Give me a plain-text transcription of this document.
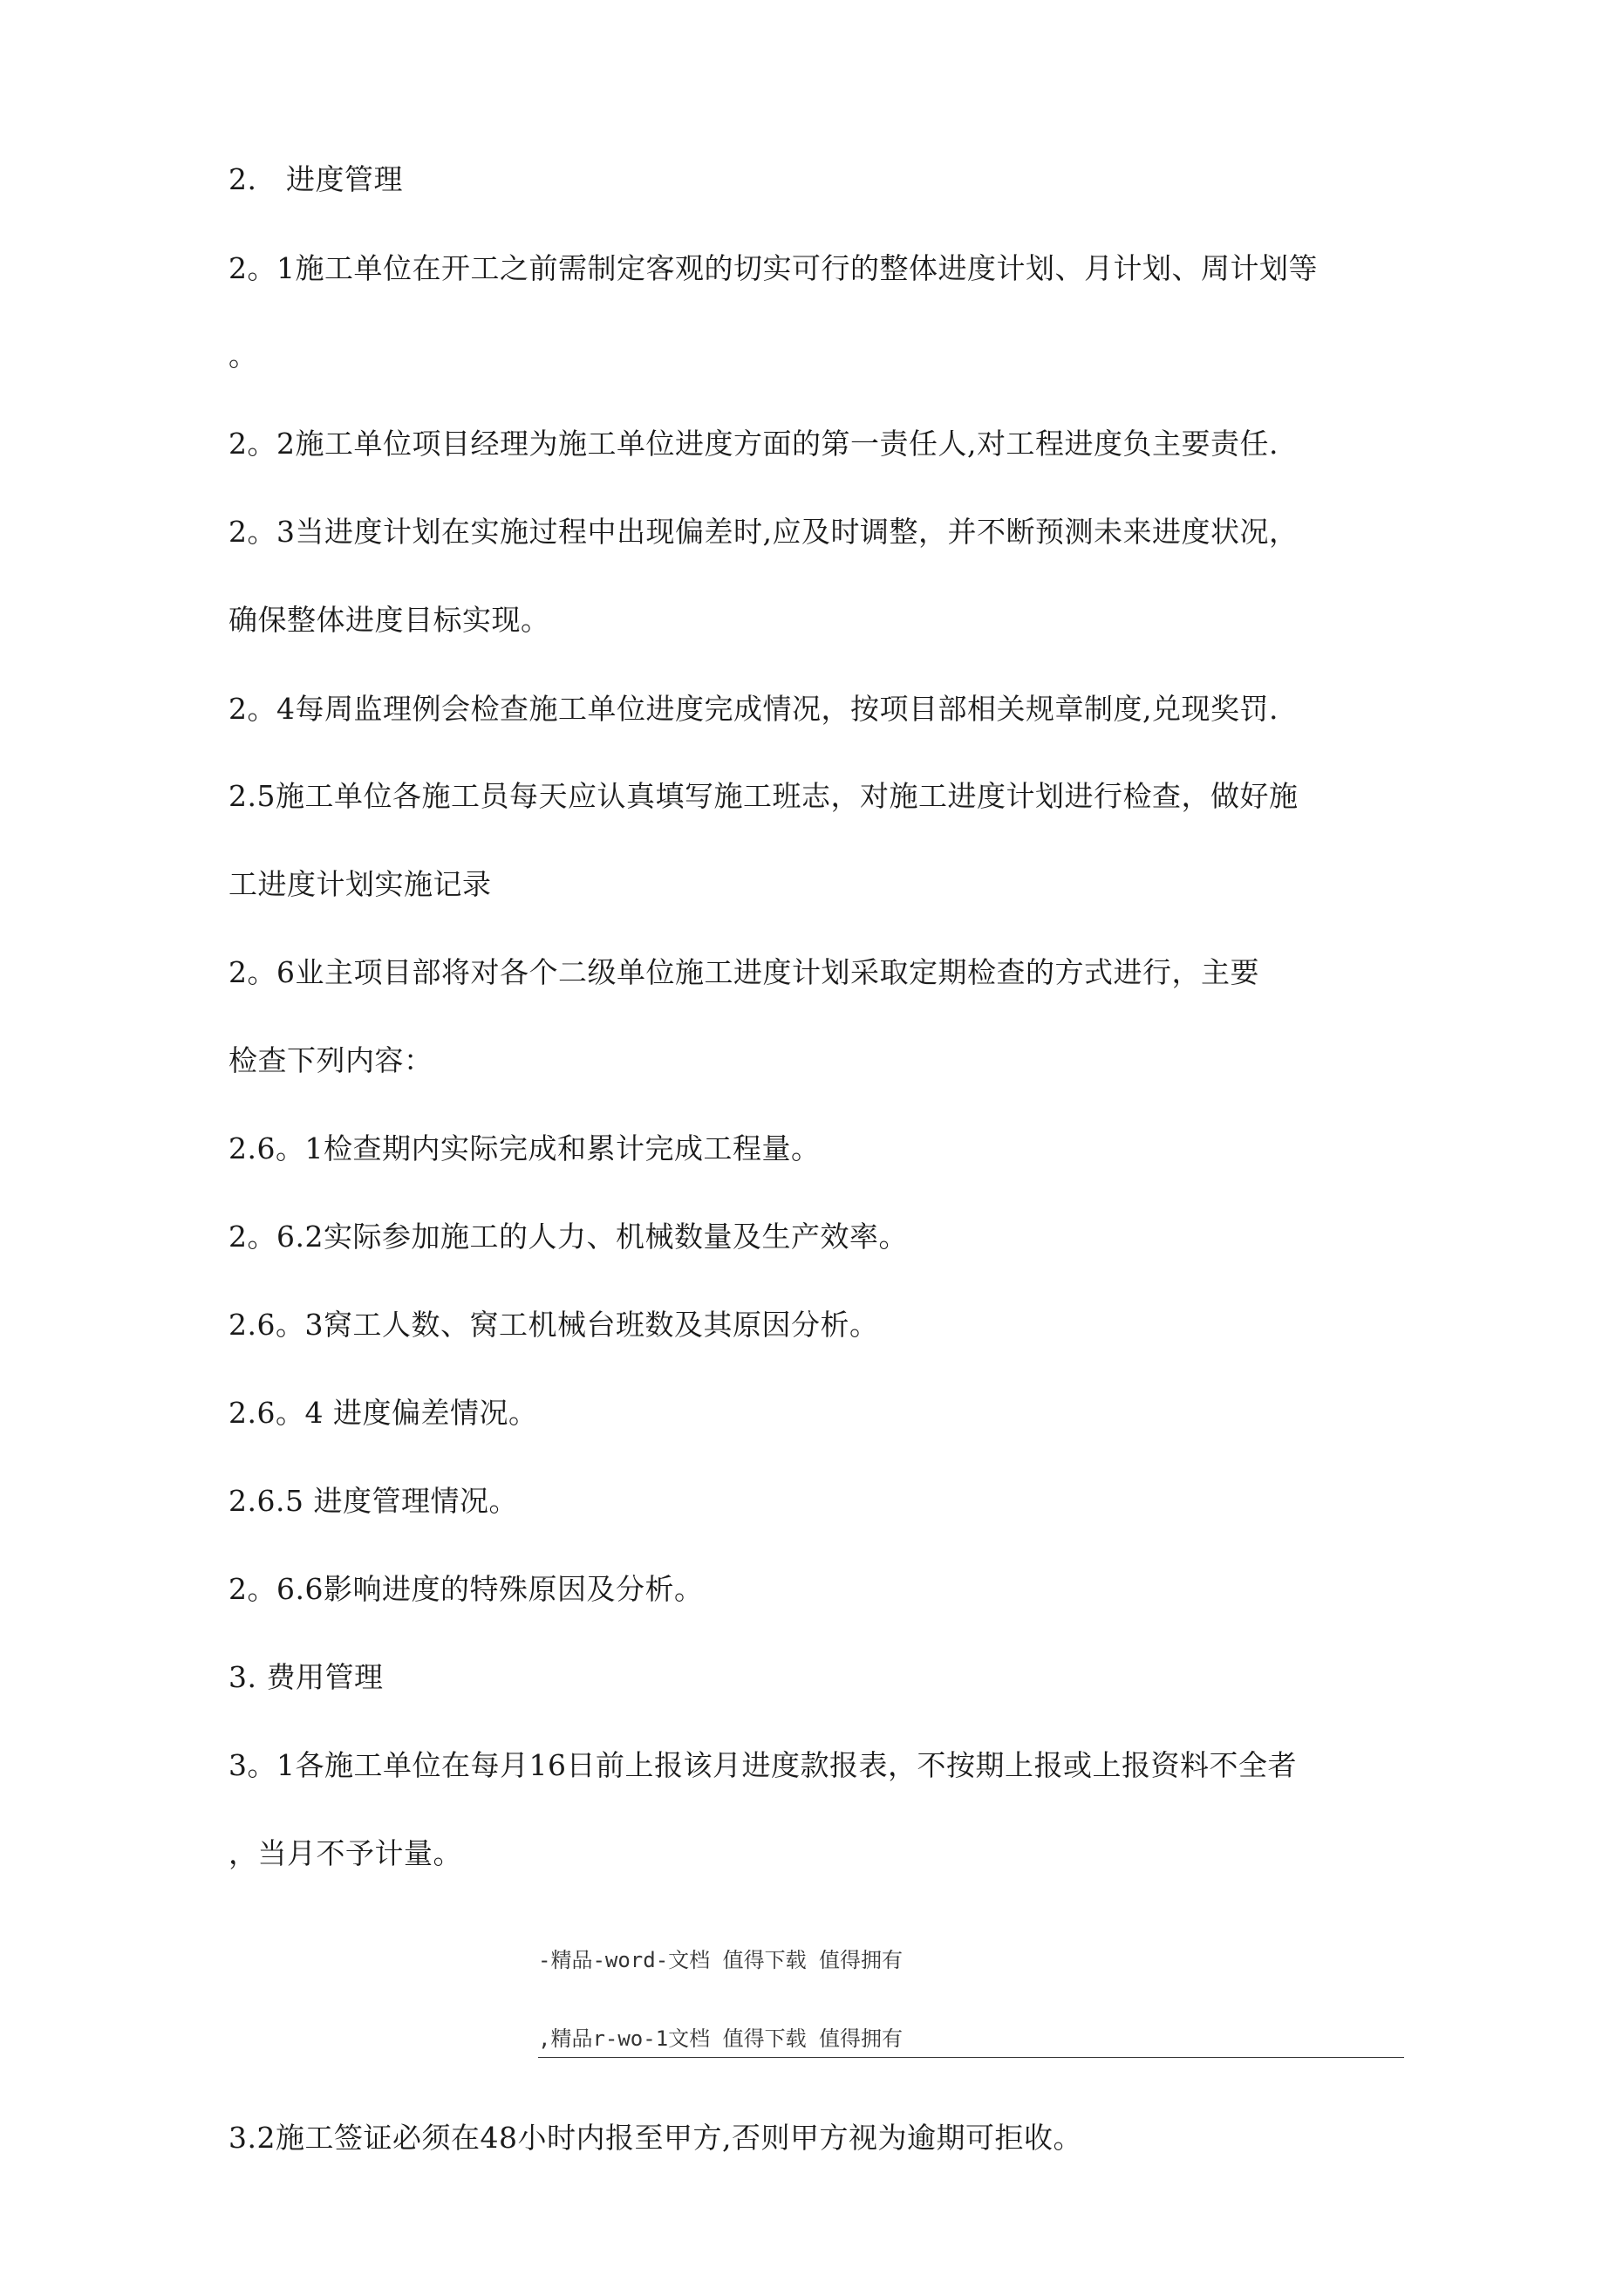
2.　进度管理
2。1施工单位在开工之前需制定客观的切实可行的整体进度计划、月计划、周计划等
。
2。2施工单位项目经理为施工单位进度方面的第一责任人,对工程进度负主要责任.
2。3当进度计划在实施过程中出现偏差时,应及时调整，并不断预测未来进度状况，
确保整体进度目标实现。
2。4每周监理例会检查施工单位进度完成情况，按项目部相关规章制度,兑现奖罚.
2.5施工单位各施工员每天应认真填写施工班志，对施工进度计划进行检查，做好施
工进度计划实施记录
2。6业主项目部将对各个二级单位施工进度计划采取定期检查的方式进行，主要
检查下列内容：
2.6。1检查期内实际完成和累计完成工程量。
2。6.2实际参加施工的人力、机械数量及生产效率。
2.6。3窝工人数、窝工机械台班数及其原因分析。
2.6。4 进度偏差情况。
2.6.5 进度管理情况。
2。6.6影响进度的特殊原因及分析。
3. 费用管理
3。1各施工单位在每月16日前上报该月进度款报表，不按期上报或上报资料不全者
，当月不予计量。
-精品-word-文档 值得下载 值得拥有
,精品r-wo-1文档 值得下载 值得拥有
3.2施工签证必须在48小时内报至甲方,否则甲方视为逾期可拒收。
